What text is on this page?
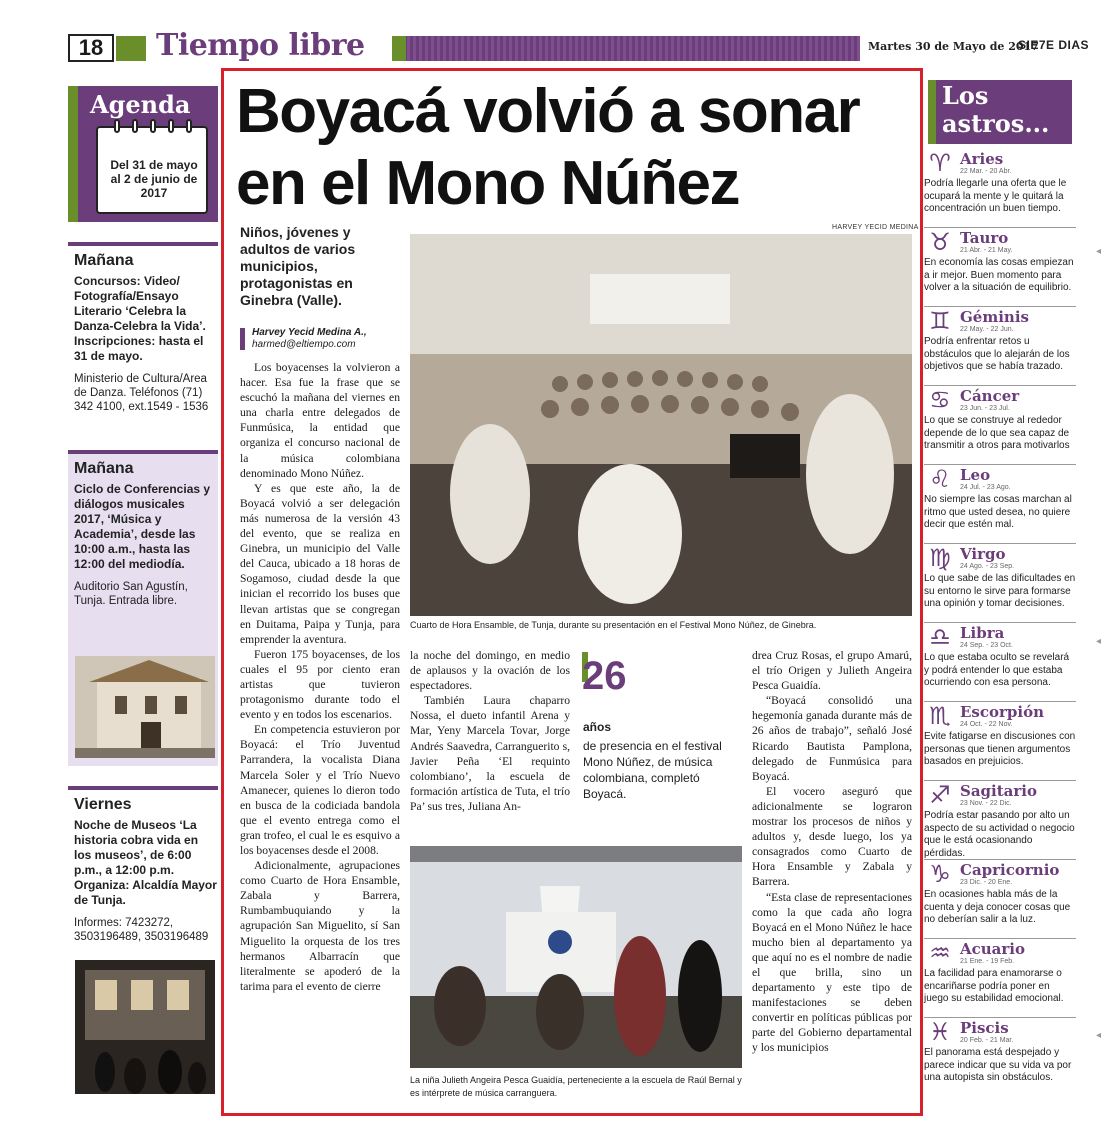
18	Tiempo libre	Martes 30 de Mayo de 2017
SIE7E DIAS
Agenda
Del 31 de mayo al 2 de junio de 2017
Mañana
Concursos: Video/ Fotografía/Ensayo Literario ‘Celebra la Danza-Celebra la Vida’. Inscripciones: hasta el 31 de mayo.
Ministerio de Cultura/Area de Danza. Teléfonos (71) 342 4100, ext.1549 - 1536
Mañana
Ciclo de Conferencias y diálogos musicales 2017, ‘Música y Academia’, desde las 10:00 a.m., hasta las 12:00 del mediodía.
Auditorio San Agustín, Tunja. Entrada libre.
Viernes
Noche de Museos ‘La historia cobra vida en los museos’, de 6:00 p.m., a 12:00 p.m. Organiza: Alcaldía Mayor de Tunja.
Informes: 7423272, 3503196489, 3503196489
Boyacá volvió a sonar en el Mono Núñez
Niños, jóvenes y adultos de varios municipios, protagonistas en Ginebra (Valle).
Harvey Yecid Medina A.,
harmed@eltiempo.com

Los boyacenses la volvieron a hacer. Esa fue la frase que se escuchó la mañana del viernes en una charla entre delegados de Funmúsica, la entidad que organiza el concurso nacional de la música colombiana denominado Mono Núñez.

Y es que este año, la de Boyacá volvió a ser delegación más numerosa de la versión 43 del evento, que se realiza en Ginebra, un municipio del Valle del Cauca, ubicado a 18 horas de Sogamoso, ciudad desde la que inician el recorrido los buses que llevan artistas que se congregan en Duitama, Paipa y Tunja, para emprender la aventura.

Fueron 175 boyacenses, de los cuales el 95 por ciento eran artistas que tuvieron protagonismo durante todo el evento y en todos los escenarios.

En competencia estuvieron por Boyacá: el Trío Juventud Parrandera, la vocalista Diana Marcela Soler y el Trío Nuevo Amanecer, quienes lo dieron todo en busca de la codiciada bandola que el evento entrega como el gran trofeo, el cual le es esquivo a los boyacenses desde el 2008.

Adicionalmente, agrupaciones como Cuarto de Hora Ensamble, Zabala y Barrera, Rumbambuquiando y la agrupación San Miguelito, sí San Miguelito la orquesta de los tres hermanos Albarracín que literalmente se apoderó de la tarima para el evento de cierre

HARVEY YECID MEDINA
Cuarto de Hora Ensamble, de Tunja, durante su presentación en el Festival Mono Núñez, de Ginebra.

la noche del domingo, en medio de aplausos y la ovación de los espectadores.

También Laura chaparro Nossa, el dueto infantil Arena y Mar, Yeny Marcela Tovar, Jorge Andrés Saavedra, Carranguerito s, Javier Peña ‘El requinto colombiano’, la escuela de formación artística de Tuta, el trío Pa’ sus tres, Juliana An-

26
años
de presencia en el festival Mono Núñez, de música colombiana, completó Boyacá.
La niña Julieth Angeira Pesca Guaidía, perteneciente a la escuela de Raúl Bernal y es intérprete de música carranguera.

drea Cruz Rosas, el grupo Amarú, el trío Origen y Julieth Angeira Pesca Guaidía.

“Boyacá consolidó una hegemonía ganada durante más de 26 años de trabajo”, señaló José Ricardo Bautista Pamplona, delegado de Funmúsica para Boyacá.

El vocero aseguró que adicionalmente se lograron mostrar los procesos de niños y adultos y, desde luego, los ya consagrados como Cuarto de Hora Ensamble y Zabala y Barrera.

“Esta clase de representaciones como la que cada año logra Boyacá en el Mono Núñez le hace mucho bien al departamento ya que aquí no es el nombre de nadie el que brilla, sino un departamento y este tipo de manifestaciones se deben convertir en políticas públicas por parte del Gobierno departamental y los municipios

Los astros...
♈ Aries
22 Mar. - 20 Abr.
Podría llegarle una oferta que le ocupará la mente y le quitará la concentración un buen tiempo.
♉ Tauro
21 Abr. - 21 May.
En economía las cosas empiezan a ir mejor. Buen momento para volver a la situación de equilibrio.
♊ Géminis
22 May. - 22 Jun.
Podría enfrentar retos u obstáculos que lo alejarán de los objetivos que se había trazado.
♋ Cáncer
23 Jun. - 23 Jul.
Lo que se construye al rededor depende de lo que sea capaz de transmitir a otros para motivarlos
♌ Leo
24 Jul. - 23 Ago.
No siempre las cosas marchan al ritmo que usted desea, no quiere decir que estén mal.
♍ Virgo
24 Ago. - 23 Sep.
Lo que sabe de las dificultades en su entorno le sirve para formarse una opinión y tomar decisiones.
♎ Libra
24 Sep. - 23 Oct.
Lo que estaba oculto se revelará y podrá entender lo que estaba ocurriendo con esa persona.
♏ Escorpión
24 Oct. - 22 Nov.
Evite fatigarse en discusiones con personas que tienen argumentos basados en prejuicios.
♐ Sagitario
23 Nov. - 22 Dic.
Podría estar pasando por alto un aspecto de su actividad o negocio que le está ocasionando pérdidas.
♑ Capricornio
23 Dic. - 20 Ene.
En ocasiones habla más de la cuenta y deja conocer cosas que no deberían salir a la luz.
♒ Acuario
21 Ene. - 19 Feb.
La facilidad para enamorarse o encariñarse podría poner en juego su estabilidad emocional.
♓ Piscis
20 Feb. - 21 Mar.
El panorama está despejado y parece indicar que su vida va por una autopista sin obstáculos.
◂
◂
◂
